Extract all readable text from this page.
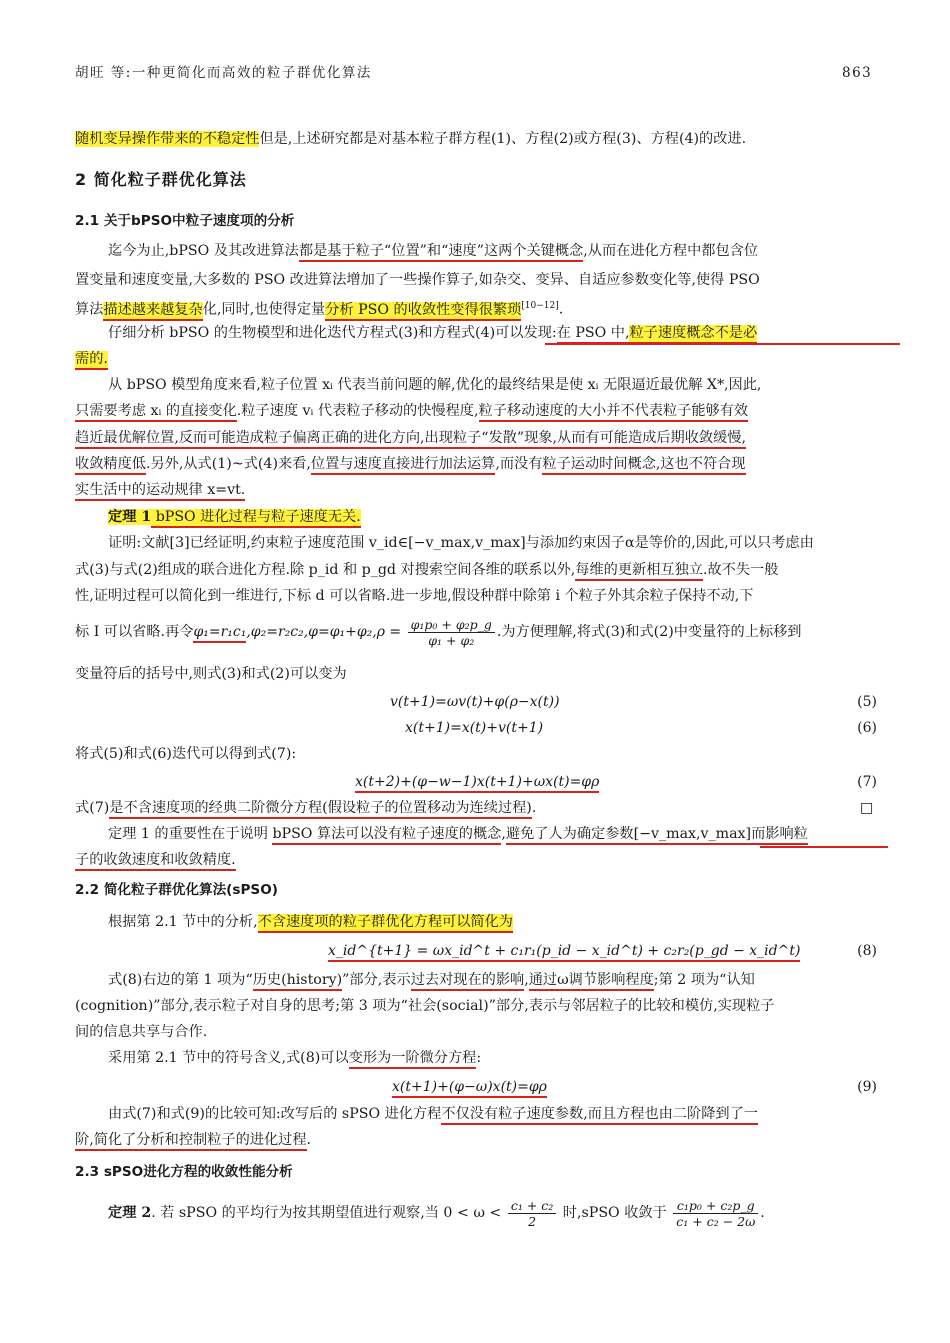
胡旺 等:一种更简化而高效的粒子群优化算法	863
随机变异操作带来的不稳定性但是,上述研究都是对基本粒子群方程(1)、方程(2)或方程(3)、方程(4)的改进.
2 简化粒子群优化算法
2.1 关于bPSO中粒子速度项的分析
迄今为止,bPSO 及其改进算法都是基于粒子“位置”和“速度”这两个关键概念,从而在进化方程中都包含位
置变量和速度变量,大多数的 PSO 改进算法增加了一些操作算子,如杂交、变异、自适应参数变化等,使得 PSO
算法描述越来越复杂化,同时,也使得定量分析 PSO 的收敛性变得很繁琐[10−12].
仔细分析 bPSO 的生物模型和进化迭代方程式(3)和方程式(4)可以发现:在 PSO 中,粒子速度概念不是必
需的.
从 bPSO 模型角度来看,粒子位置 xᵢ 代表当前问题的解,优化的最终结果是使 xᵢ 无限逼近最优解 X*,因此,
只需要考虑 xᵢ 的直接变化.粒子速度 vᵢ 代表粒子移动的快慢程度,粒子移动速度的大小并不代表粒子能够有效
趋近最优解位置,反而可能造成粒子偏离正确的进化方向,出现粒子“发散”现象,从而有可能造成后期收敛缓慢,
收敛精度低.另外,从式(1)~式(4)来看,位置与速度直接进行加法运算,而没有粒子运动时间概念,这也不符合现
实生活中的运动规律 x=vt.
定理 1 bPSO 进化过程与粒子速度无关.
证明:文献[3]已经证明,约束粒子速度范围 v_id∈[−v_max,v_max]与添加约束因子α是等价的,因此,可以只考虑由
式(3)与式(2)组成的联合进化方程.除 p_id 和 p_gd 对搜索空间各维的联系以外,每维的更新相互独立.故不失一般
性,证明过程可以简化到一维进行,下标 d 可以省略.进一步地,假设种群中除第 i 个粒子外其余粒子保持不动,下
标 I 可以省略.再令$\varphi_1=r_1c_1,\varphi_2=r_2c_2,\varphi=\varphi_1+\varphi_2,\rho = \frac{\text{φ₁p₀ + φ₂p\_g}}{\text{φ₁ + φ₂}}$ .为方便理解,将式(3)和式(2)中变量符的上标移到
变量符后的括号中,则式(3)和式(2)可以变为
v(t+1)=ωv(t)+φ(ρ−x(t))	(5)
x(t+1)=x(t)+v(t+1)	(6)
将式(5)和式(6)迭代可以得到式(7):
x(t+2)+(φ−w−1)x(t+1)+ωx(t)=φρ	(7)
式(7)是不含速度项的经典二阶微分方程(假设粒子的位置移动为连续过程).	□
定理 1 的重要性在于说明 bPSO 算法可以没有粒子速度的概念,避免了人为确定参数[−v_max,v_max]而影响粒
子的收敛速度和收敛精度.
2.2 简化粒子群优化算法(sPSO)
根据第 2.1 节中的分析,不含速度项的粒子群优化方程可以简化为
x_id^{t+1} = ωx_id^t + c₁r₁(p_id − x_id^t) + c₂r₂(p_gd − x_id^t)	(8)
式(8)右边的第 1 项为“历史(history)”部分,表示过去对现在的影响,通过ω调节影响程度;第 2 项为“认知
(cognition)”部分,表示粒子对自身的思考;第 3 项为“社会(social)”部分,表示与邻居粒子的比较和模仿,实现粒子
间的信息共享与合作.
采用第 2.1 节中的符号含义,式(8)可以变形为一阶微分方程:
x(t+1)+(φ−ω)x(t)=φρ	(9)
由式(7)和式(9)的比较可知:改写后的 sPSO 进化方程不仅没有粒子速度参数,而且方程也由二阶降到了一
阶,简化了分析和控制粒子的进化过程.
2.3 sPSO进化方程的收敛性能分析
定理 2. 若 sPSO 的平均行为按其期望值进行观察,当 $0 < \omega < \frac{\text{c₁ + c₂}}{2}$ 时,sPSO 收敛于 $\frac{\text{c₁p₀ + c₂p\_g}}{\text{c₁ + c₂ − 2ω}}$ .
